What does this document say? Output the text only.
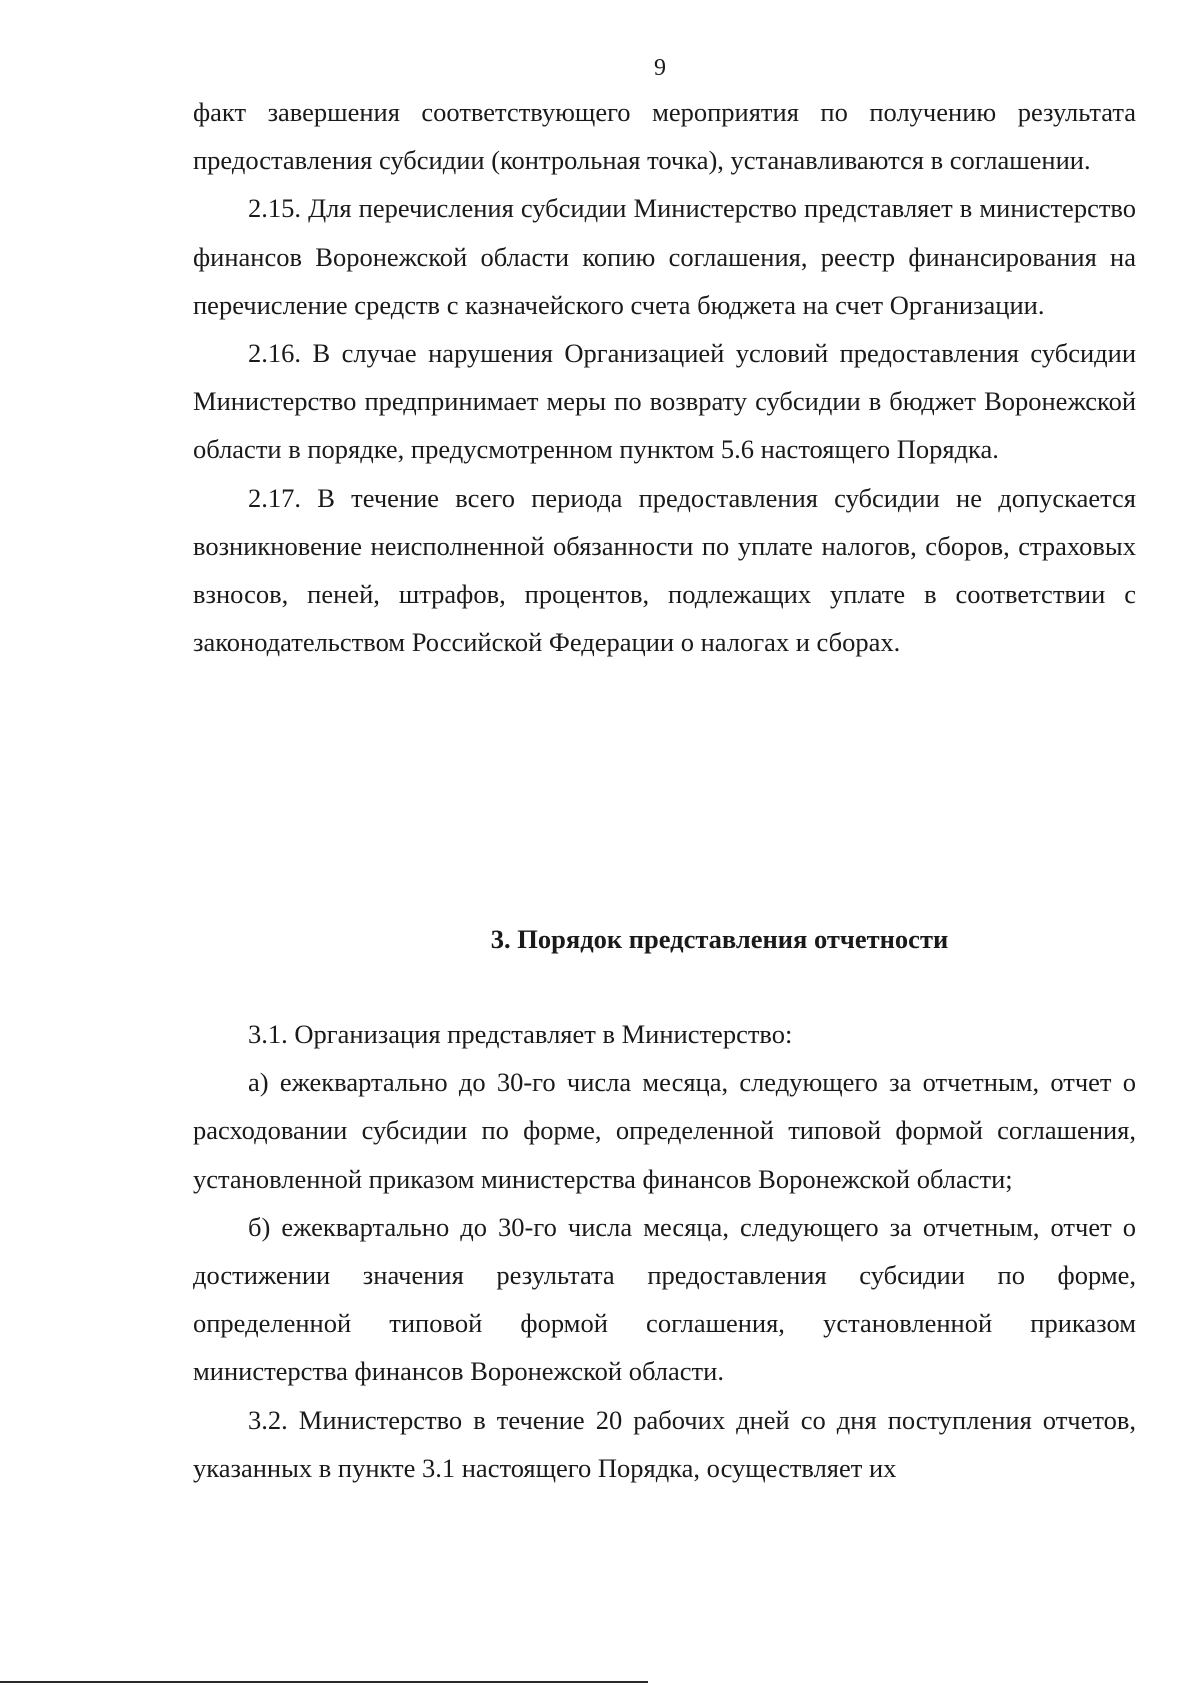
9

факт завершения соответствующего мероприятия по получению результата предоставления субсидии (контрольная точка), устанавливаются в соглашении.

2.15. Для перечисления субсидии Министерство представляет в министерство финансов Воронежской области копию соглашения, реестр финансирования на перечисление средств с казначейского счета бюджета на счет Организации.

2.16. В случае нарушения Организацией условий предоставления субсидии Министерство предпринимает меры по возврату субсидии в бюджет Воронежской области в порядке, предусмотренном пунктом 5.6 настоящего Порядка.

2.17. В течение всего периода предоставления субсидии не допускается возникновение неисполненной обязанности по уплате налогов, сборов, страховых взносов, пеней, штрафов, процентов, подлежащих уплате в соответствии с законодательством Российской Федерации о налогах и сборах.

3. Порядок представления отчетности

3.1. Организация представляет в Министерство:

а) ежеквартально до 30-го числа месяца, следующего за отчетным, отчет о расходовании субсидии по форме, определенной типовой формой соглашения, установленной приказом министерства финансов Воронежской области;

б) ежеквартально до 30-го числа месяца, следующего за отчетным, отчет о достижении значения результата предоставления субсидии по форме, определенной типовой формой соглашения, установленной приказом министерства финансов Воронежской области.

3.2. Министерство в течение 20 рабочих дней со дня поступления отчетов, указанных в пункте 3.1 настоящего Порядка, осуществляет их
